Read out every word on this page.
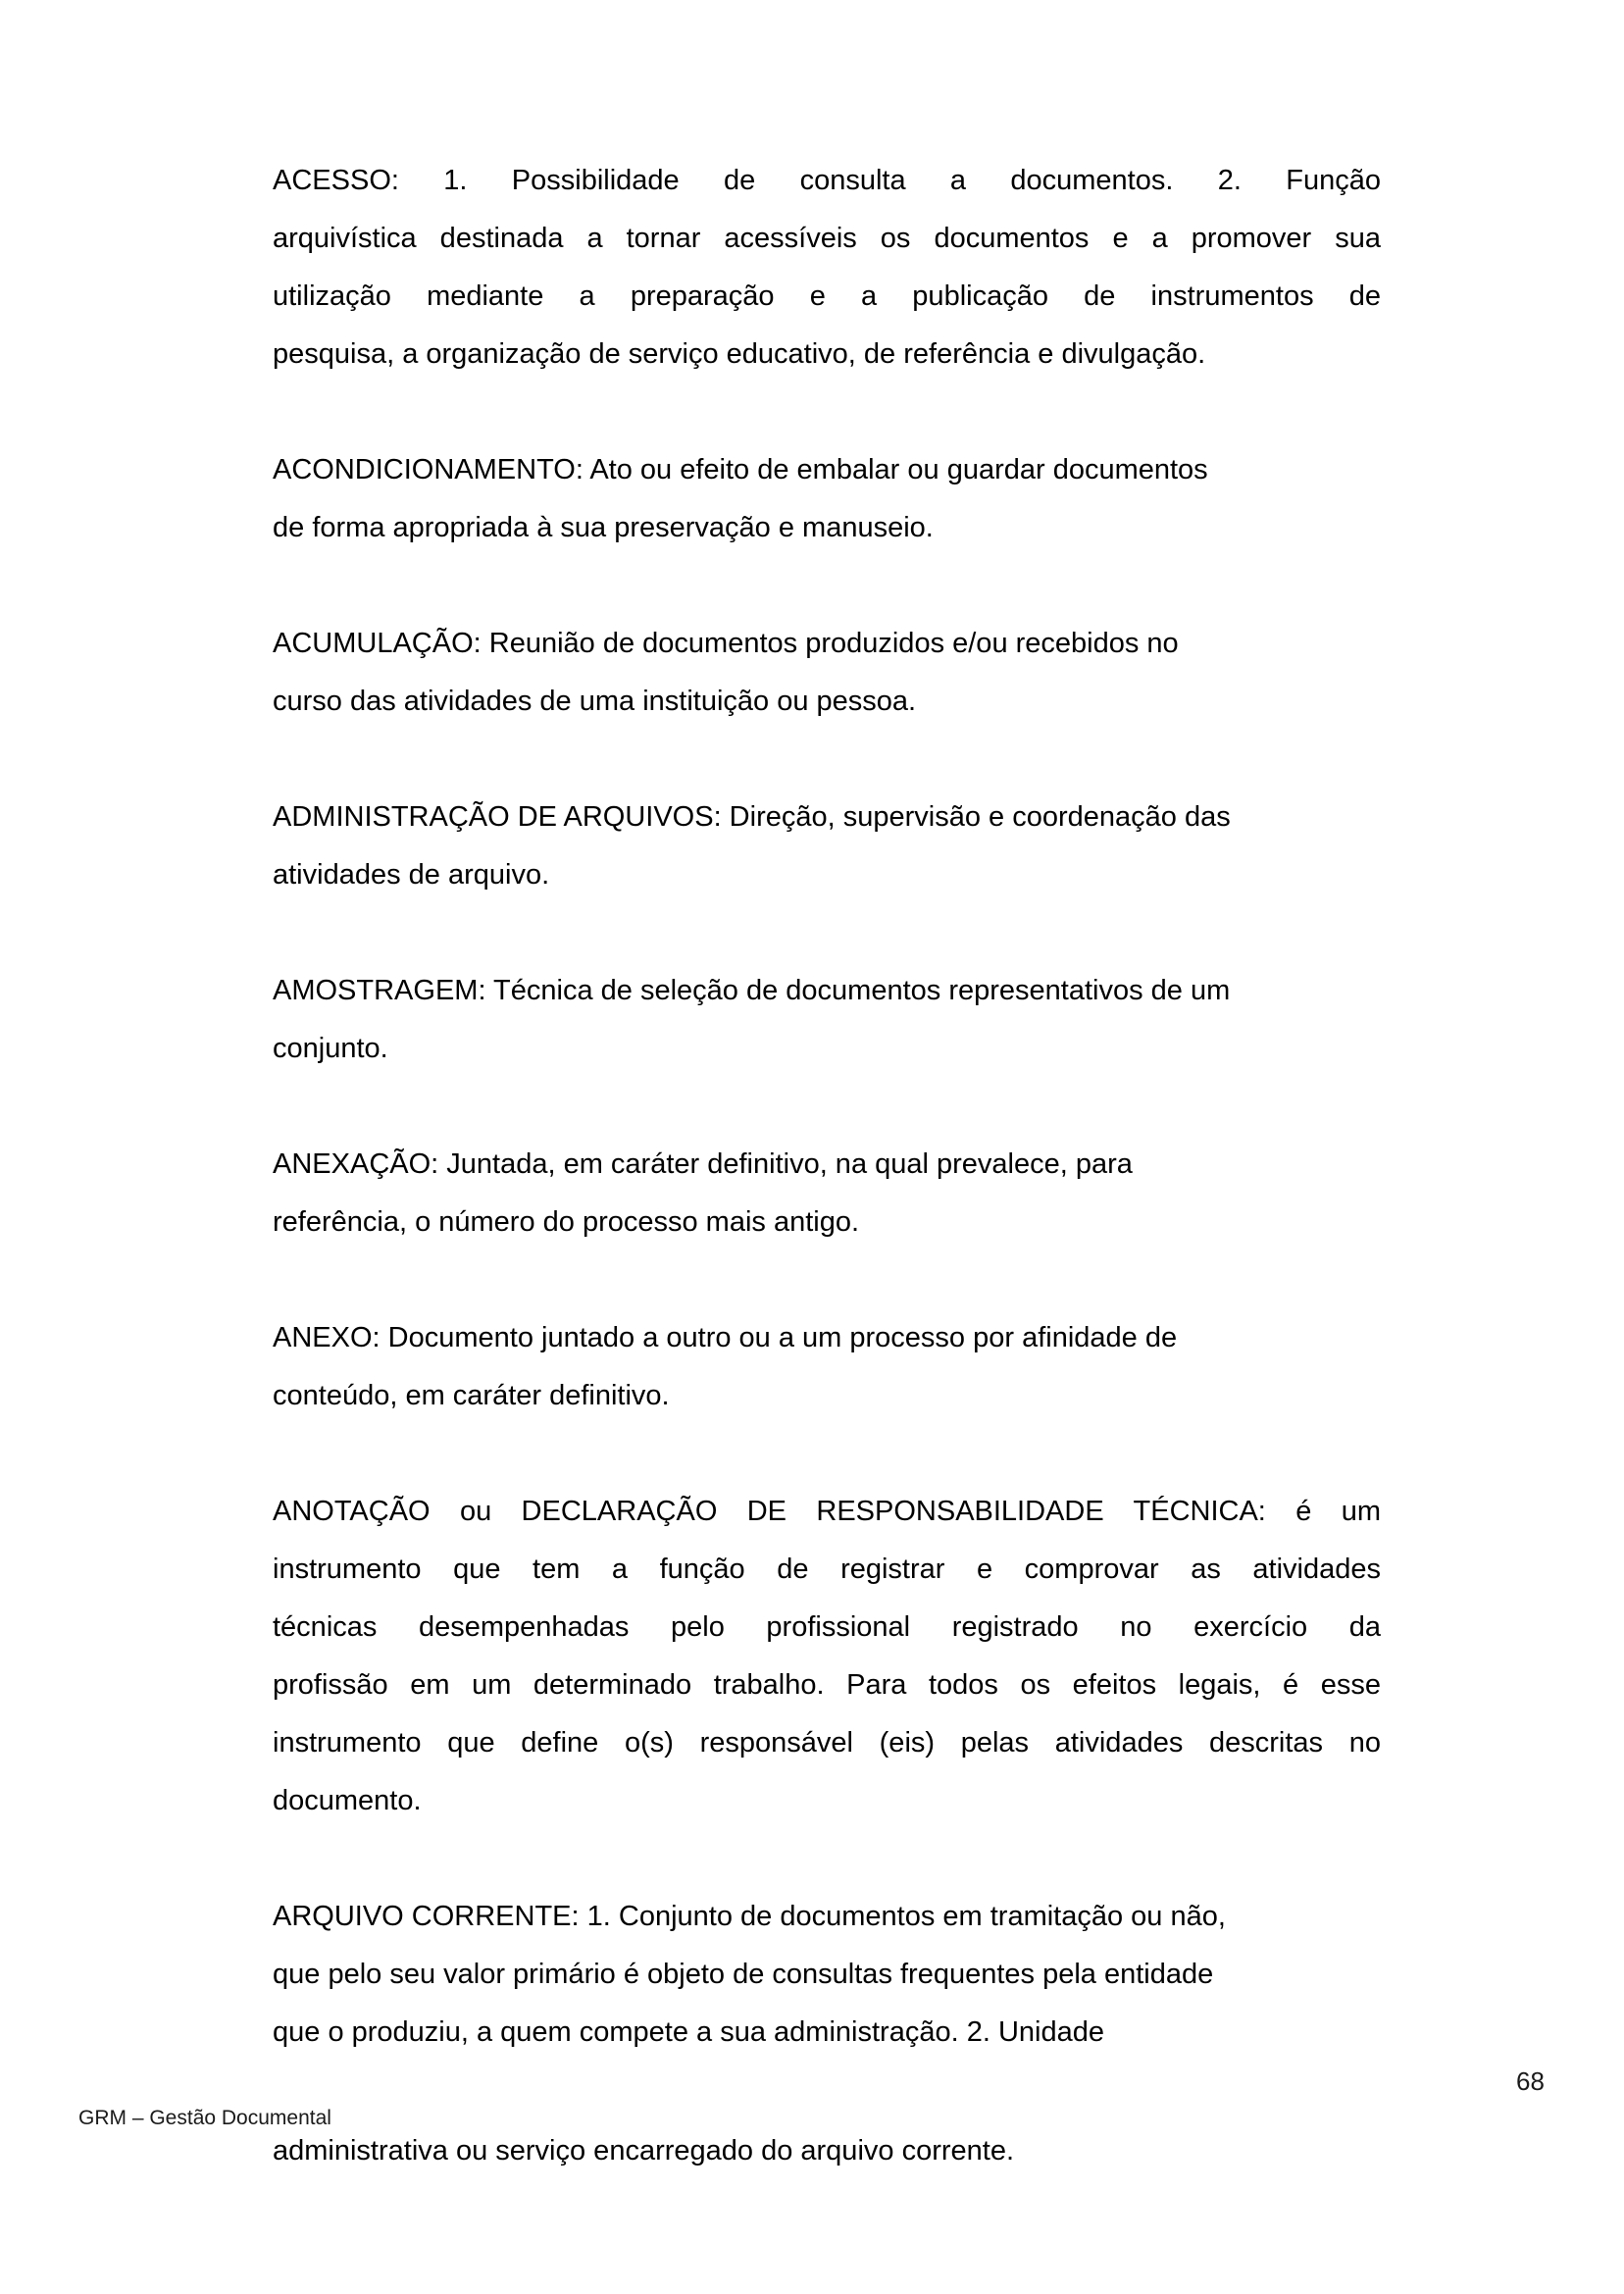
ACESSO: 1. Possibilidade de consulta a documentos. 2. Função
arquivística destinada a tornar acessíveis os documentos e a promover sua
utilização mediante a preparação e a publicação de instrumentos de
pesquisa, a organização de serviço educativo, de referência e divulgação.

ACONDICIONAMENTO: Ato ou efeito de embalar ou guardar documentos
de forma apropriada à sua preservação e manuseio.

ACUMULAÇÃO: Reunião de documentos produzidos e/ou recebidos no
curso das atividades de uma instituição ou pessoa.

ADMINISTRAÇÃO DE ARQUIVOS: Direção, supervisão e coordenação das
atividades de arquivo.

AMOSTRAGEM: Técnica de seleção de documentos representativos de um
conjunto.

ANEXAÇÃO: Juntada, em caráter definitivo, na qual prevalece, para
referência, o número do processo mais antigo.

ANEXO: Documento juntado a outro ou a um processo por afinidade de
conteúdo, em caráter definitivo.

ANOTAÇÃO ou DECLARAÇÃO DE RESPONSABILIDADE TÉCNICA: é um
instrumento que tem a função de registrar e comprovar as atividades
técnicas desempenhadas pelo profissional registrado no exercício da
profissão em um determinado trabalho. Para todos os efeitos legais, é esse
instrumento que define o(s) responsável (eis) pelas atividades descritas no
documento.

ARQUIVO CORRENTE: 1. Conjunto de documentos em tramitação ou não,
que pelo seu valor primário é objeto de consultas frequentes pela entidade
que o produziu, a quem compete a sua administração. 2. Unidade

68
GRM – Gestão Documental
administrativa ou serviço encarregado do arquivo corrente.
